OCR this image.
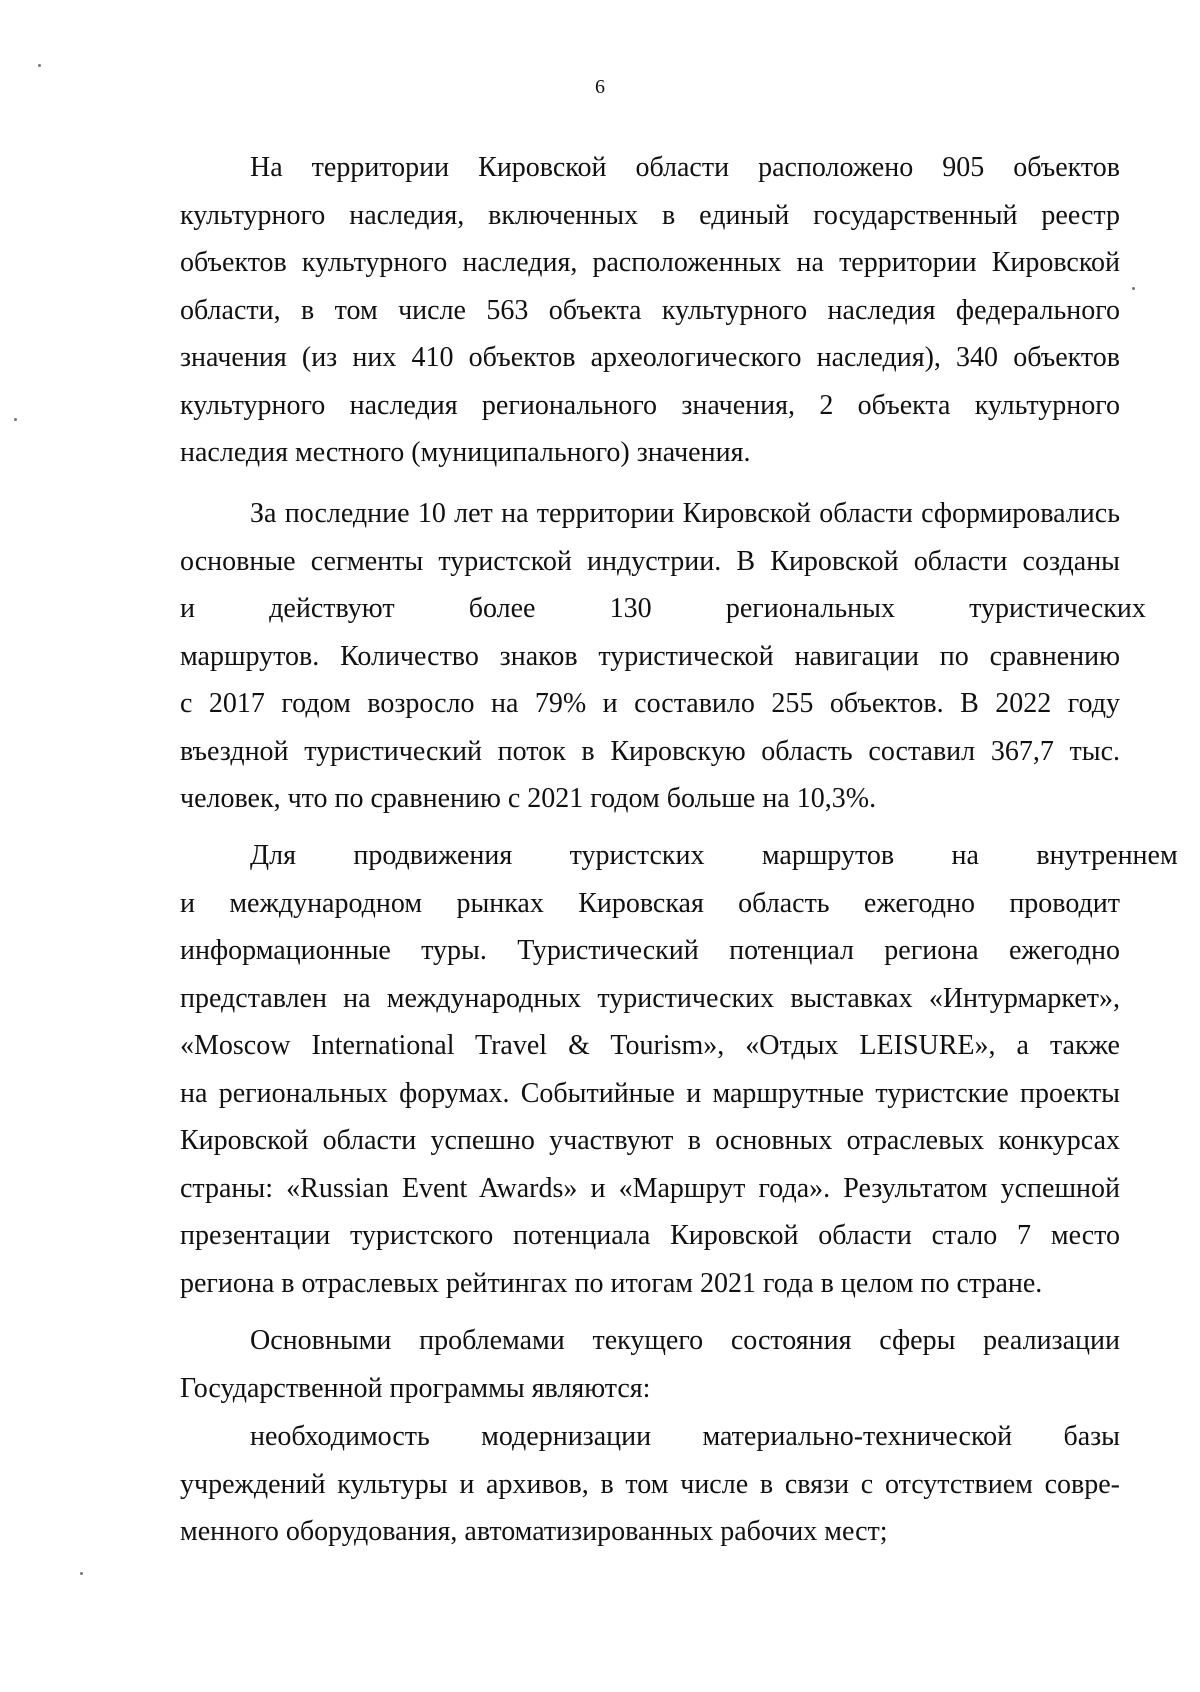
6
На территории Кировской области расположено 905 объектов
культурного наследия, включенных в единый государственный реестр
объектов культурного наследия, расположенных на территории Кировской
области, в том числе 563 объекта культурного наследия федерального
значения (из них 410 объектов археологического наследия), 340 объектов
культурного наследия регионального значения, 2 объекта культурного
наследия местного (муниципального) значения.
За последние 10 лет на территории Кировской области сформировались
основные сегменты туристской индустрии. В Кировской области созданы
и действуют более 130 региональных туристических
маршрутов. Количество знаков туристической навигации по сравнению
с 2017 годом возросло на 79% и составило 255 объектов. В 2022 году
въездной туристический поток в Кировскую область составил 367,7 тыс.
человек, что по сравнению с 2021 годом больше на 10,3%.
Для продвижения туристских маршрутов на внутреннем
и международном рынках Кировская область ежегодно проводит
информационные туры. Туристический потенциал региона ежегодно
представлен на международных туристических выставках «Интурмаркет»,
«Moscow International Travel & Tourism», «Отдых LEISURE», а также
на региональных форумах. Событийные и маршрутные туристские проекты
Кировской области успешно участвуют в основных отраслевых конкурсах
страны: «Russian Event Awards» и «Маршрут года». Результатом успешной
презентации туристского потенциала Кировской области стало 7 место
региона в отраслевых рейтингах по итогам 2021 года в целом по стране.
Основными проблемами текущего состояния сферы реализации
Государственной программы являются:
необходимость модернизации материально-технической базы
учреждений культуры и архивов, в том числе в связи с отсутствием совре-
менного оборудования, автоматизированных рабочих мест;
